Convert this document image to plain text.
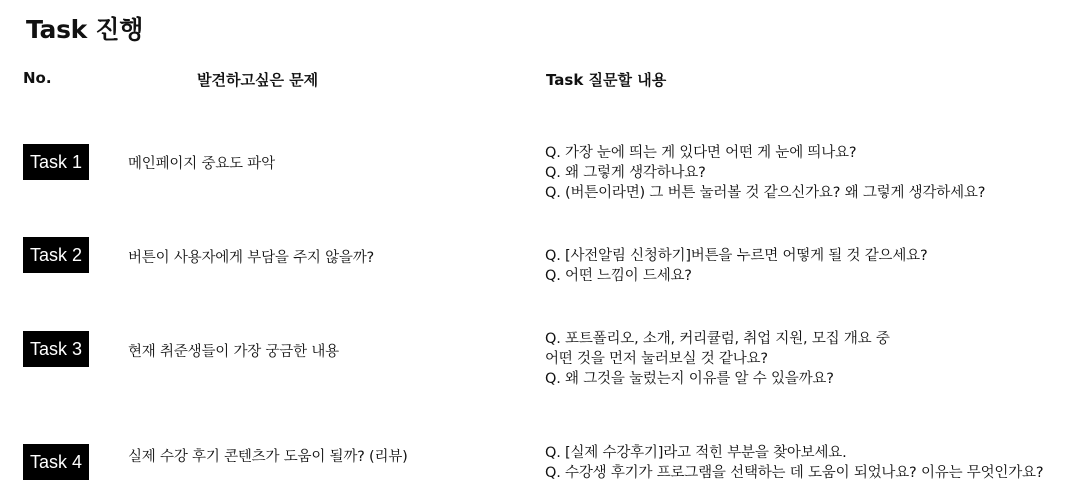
Task 진행
No.	발견하고싶은 문제	Task 질문할 내용
Task 1	메인페이지 중요도 파악
Q. 가장 눈에 띄는 게 있다면 어떤 게 눈에 띄나요?
Q. 왜 그렇게 생각하나요?
Q. (버튼이라면) 그 버튼 눌러볼 것 같으신가요? 왜 그렇게 생각하세요?
Task 2	버튼이 사용자에게 부담을 주지 않을까?	Q. [사전알림 신청하기]버튼을 누르면 어떻게 될 것 같으세요?
Q. 어떤 느낌이 드세요?
Task 3	현재 취준생들이 가장 궁금한 내용
Q. 포트폴리오, 소개, 커리큘럼, 취업 지원, 모집 개요 중
어떤 것을 먼저 눌러보실 것 같나요?
Q. 왜 그것을 눌렀는지 이유를 알 수 있을까요?
Task 4	실제 수강 후기 콘텐츠가 도움이 될까? (리뷰)	Q. [실제 수강후기]라고 적힌 부분을 찾아보세요.
Q. 수강생 후기가 프로그램을 선택하는 데 도움이 되었나요? 이유는 무엇인가요?
